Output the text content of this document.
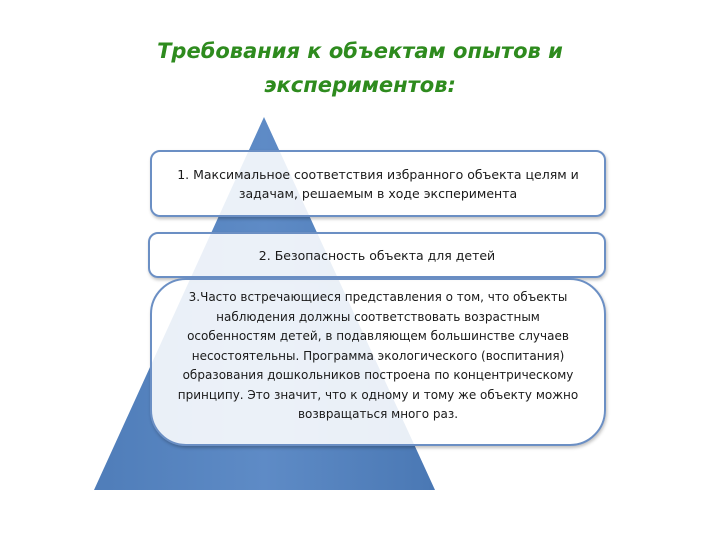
Требования к объектам опытов и
экспериментов:
1. Максимальное соответствия избранного объекта целям и задачам, решаемым в ходе эксперимента
2. Безопасность объекта для детей
3.Часто встречающиеся представления о том, что объекты наблюдения должны соответствовать возрастным особенностям детей, в подавляющем большинстве случаев несостоятельны. Программа экологического (воспитания) образования дошкольников построена по концентрическому принципу. Это значит, что к одному и тому же объекту можно возвращаться много раз.
